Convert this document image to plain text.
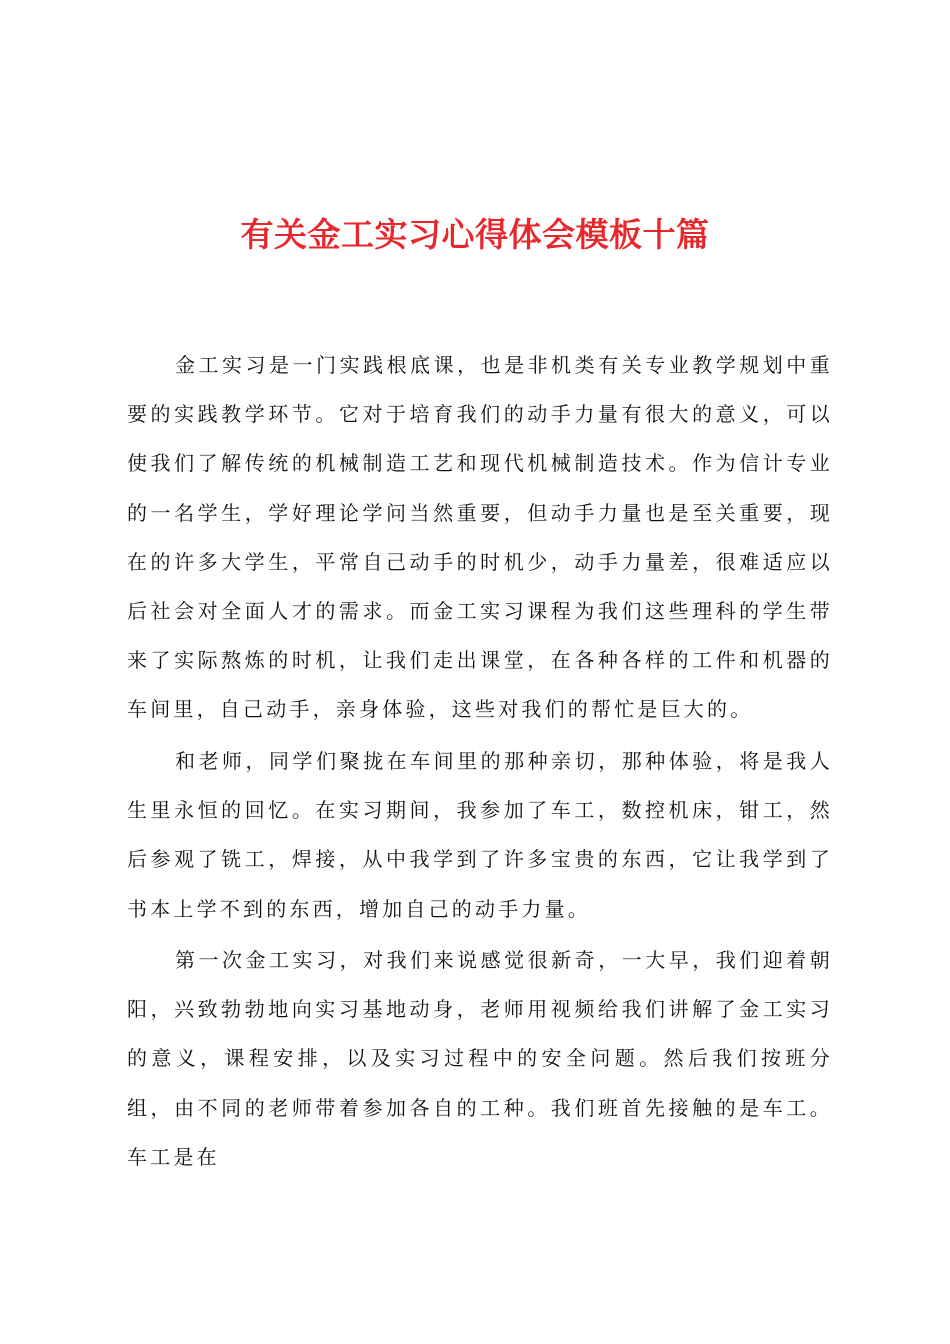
有关金工实习心得体会模板十篇

金工实习是一门实践根底课，也是非机类有关专业教学规划中重要的实践教学环节。它对于培育我们的动手力量有很大的意义，可以使我们了解传统的机械制造工艺和现代机械制造技术。作为信计专业的一名学生，学好理论学问当然重要，但动手力量也是至关重要，现在的许多大学生，平常自己动手的时机少，动手力量差，很难适应以后社会对全面人才的需求。而金工实习课程为我们这些理科的学生带来了实际熬炼的时机，让我们走出课堂，在各种各样的工件和机器的车间里，自己动手，亲身体验，这些对我们的帮忙是巨大的。

和老师，同学们聚拢在车间里的那种亲切，那种体验，将是我人生里永恒的回忆。在实习期间，我参加了车工，数控机床，钳工，然后参观了铣工，焊接，从中我学到了许多宝贵的东西，它让我学到了书本上学不到的东西，增加自己的动手力量。

第一次金工实习，对我们来说感觉很新奇，一大早，我们迎着朝阳，兴致勃勃地向实习基地动身，老师用视频给我们讲解了金工实习的意义，课程安排，以及实习过程中的安全问题。然后我们按班分组，由不同的老师带着参加各自的工种。我们班首先接触的是车工。车工是在
